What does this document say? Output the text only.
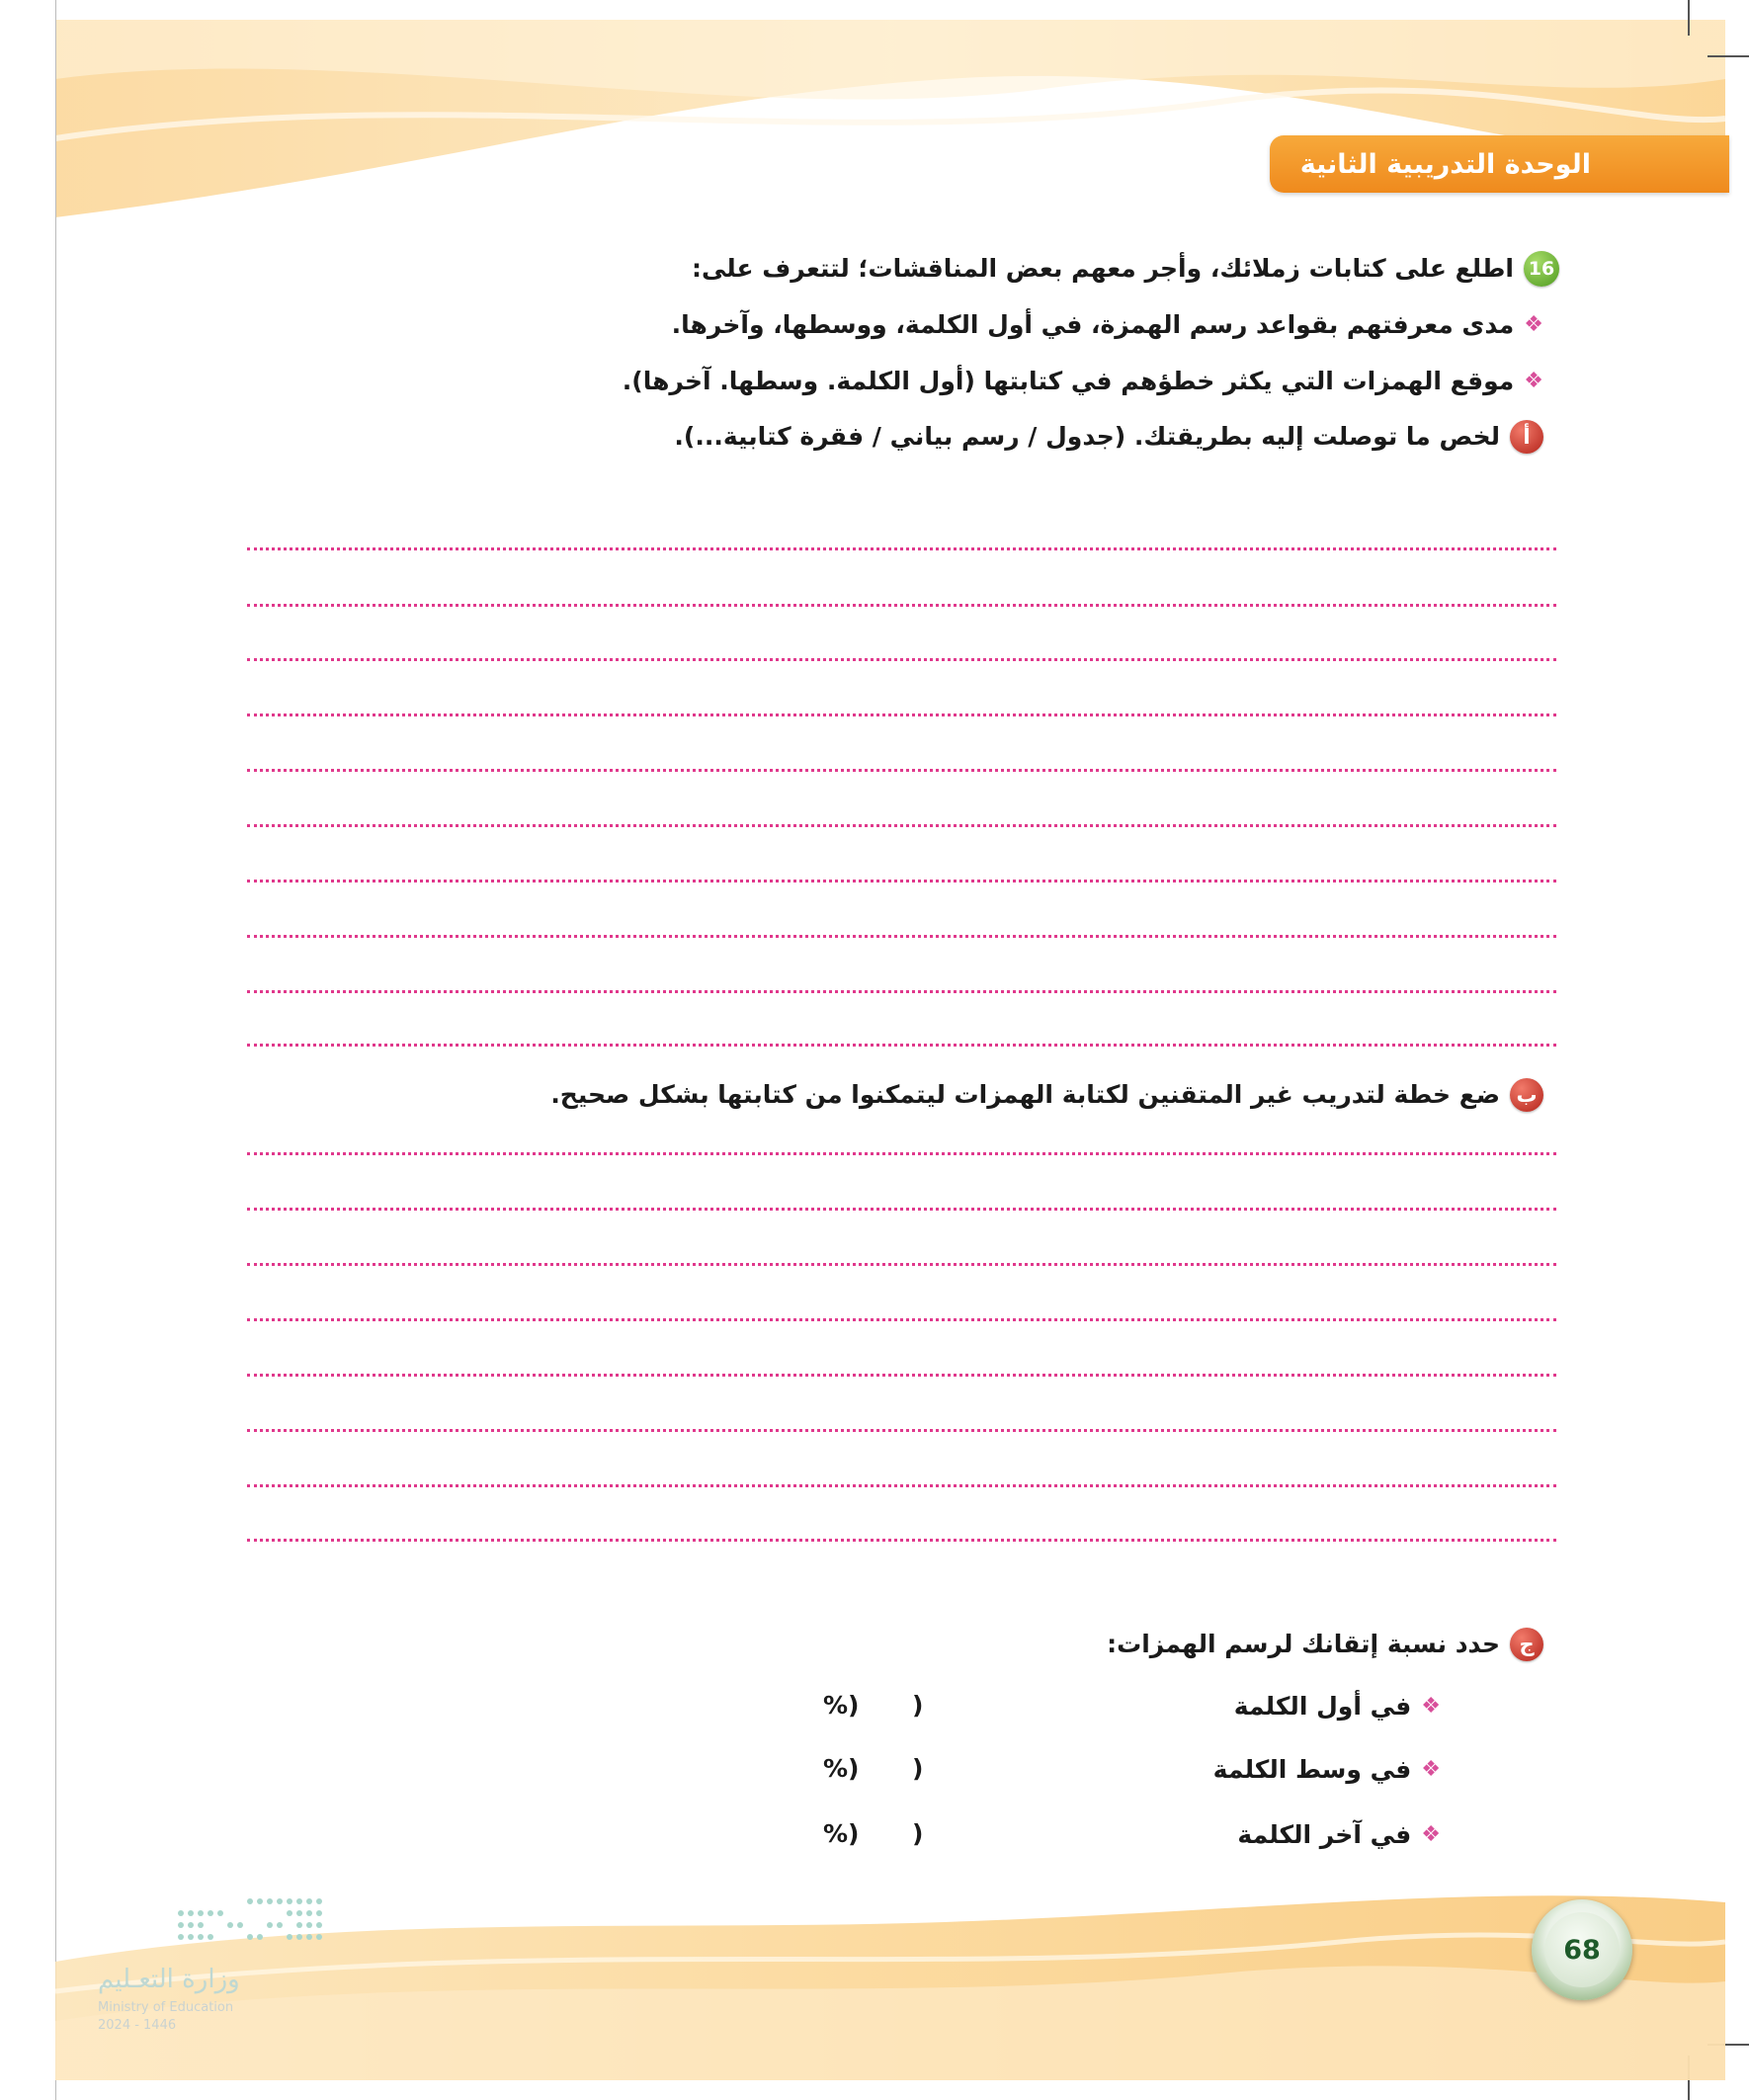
الوحدة التدريبية الثانية
16
اطلع على كتابات زملائك، وأجر معهم بعض المناقشات؛ لتتعرف على:
❖
مدى معرفتهم بقواعد رسم الهمزة، في أول الكلمة، ووسطها، وآخرها.
❖
موقع الهمزات التي يكثر خطؤهم في كتابتها (أول الكلمة. وسطها. آخرها).
أ
لخص ما توصلت إليه بطريقتك. (جدول / رسم بياني / فقرة كتابية...).
ب
ضع خطة لتدريب غير المتقنين لكتابة الهمزات ليتمكنوا من كتابتها بشكل صحيح.
ج
حدد نسبة إتقانك لرسم الهمزات:
❖
في أول الكلمة
(
%)
❖
في وسط الكلمة
(
%)
❖
في آخر الكلمة
(
%)
وزارة التعـليم
Ministry of Education
2024 - 1446
68
